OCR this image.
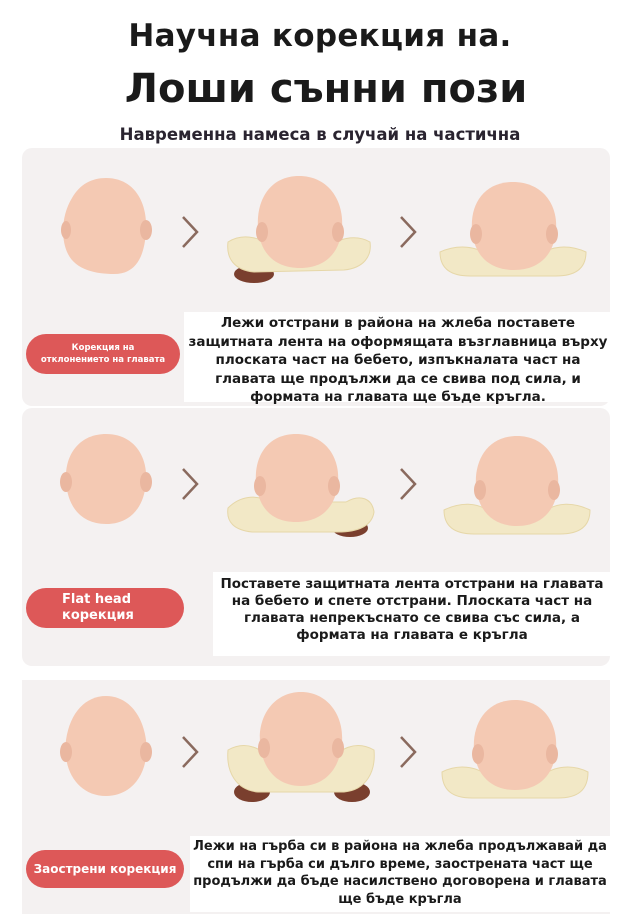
Научна корекция на.
Лоши сънни пози
Навременна намеса в случай на частична
Корекция на отклонението на главата
Лежи отстрани в района на жлеба поставете защитната лента на оформящата възглавница върху плоската част на бебето, изпъкналата част на главата ще продължи да се свива под сила, и формата на главата ще бъде кръгла.
Flat head корекция
Поставете защитната лента отстрани на главата на бебето и спете отстрани. Плоската част на главата непрекъснато се свива със сила, а формата на главата е кръгла
Заострени корекция
Лежи на гърба си в района на жлеба продължавай да спи на гърба си дълго време, заострената част ще продължи да бъде насилствено договорена и главата ще бъде кръгла
